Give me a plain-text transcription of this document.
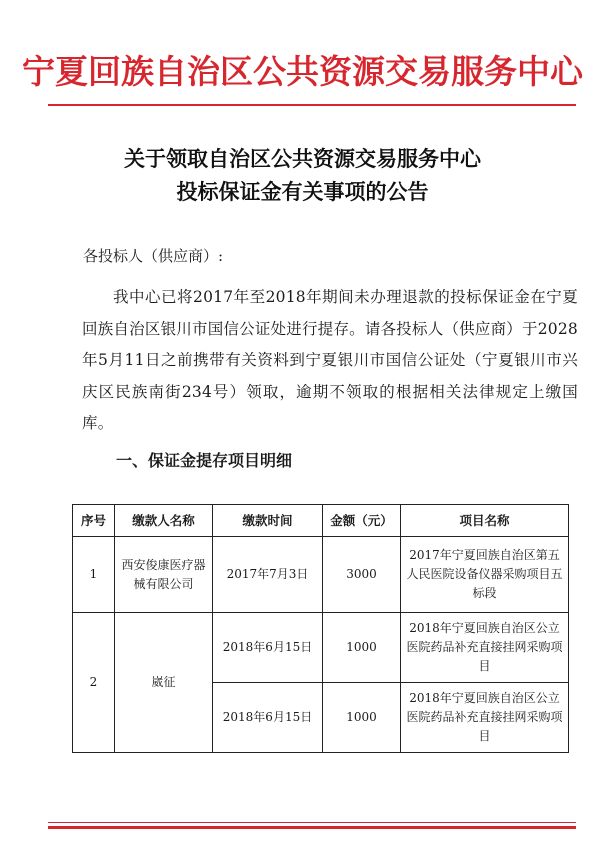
宁夏回族自治区公共资源交易服务中心
关于领取自治区公共资源交易服务中心
投标保证金有关事项的公告
各投标人（供应商）:
我中心已将2017年至2018年期间未办理退款的投标保证金在宁夏回族自治区银川市国信公证处进行提存。请各投标人（供应商）于2028年5月11日之前携带有关资料到宁夏银川市国信公证处（宁夏银川市兴庆区民族南街234号）领取，逾期不领取的根据相关法律规定上缴国库。
一、保证金提存项目明细
序号	缴款人名称	缴款时间	金额（元）	项目名称
1	西安俊康医疗器械有限公司	2017年7月3日	3000	2017年宁夏回族自治区第五人民医院设备仪器采购项目五标段
2	崴征	2018年6月15日	1000	2018年宁夏回族自治区公立医院药品补充直接挂网采购项目
		2018年6月15日	1000	2018年宁夏回族自治区公立医院药品补充直接挂网采购项目
